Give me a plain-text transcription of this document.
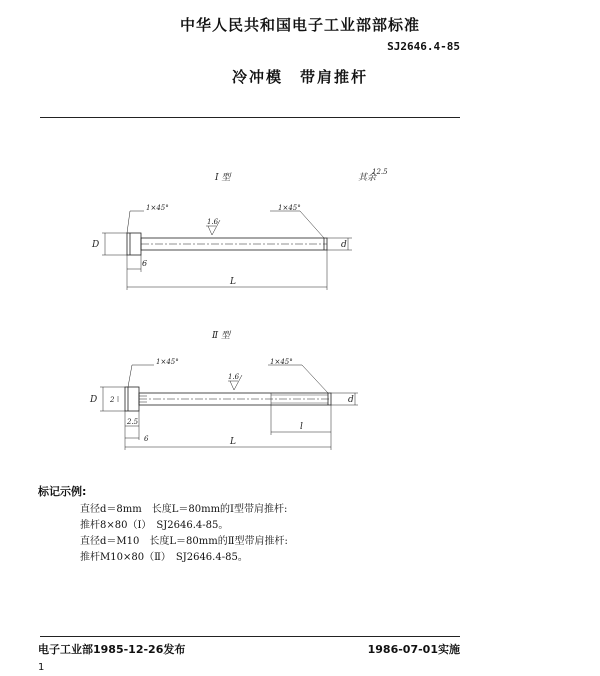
中华人民共和国电子工业部部标准
SJ2646.4-85
冷冲模　带肩推杆
Ⅰ 型	其余
12.5
1×45°	1×45°
1.6
D	d
6
L
Ⅱ 型
1×45°	1×45°
1.6
D 2	d
2.5
6
l
L
标记示例:
直径d＝8mm　长度L＝80mm的Ⅰ型带肩推杆:
推杆8×80（Ⅰ）　SJ2646.4-85。
直径d＝M10　长度L＝80mm的Ⅱ型带肩推杆:
推杆M10×80（Ⅱ）　SJ2646.4-85。
电子工业部1985-12-26发布	1986-07-01实施
1
